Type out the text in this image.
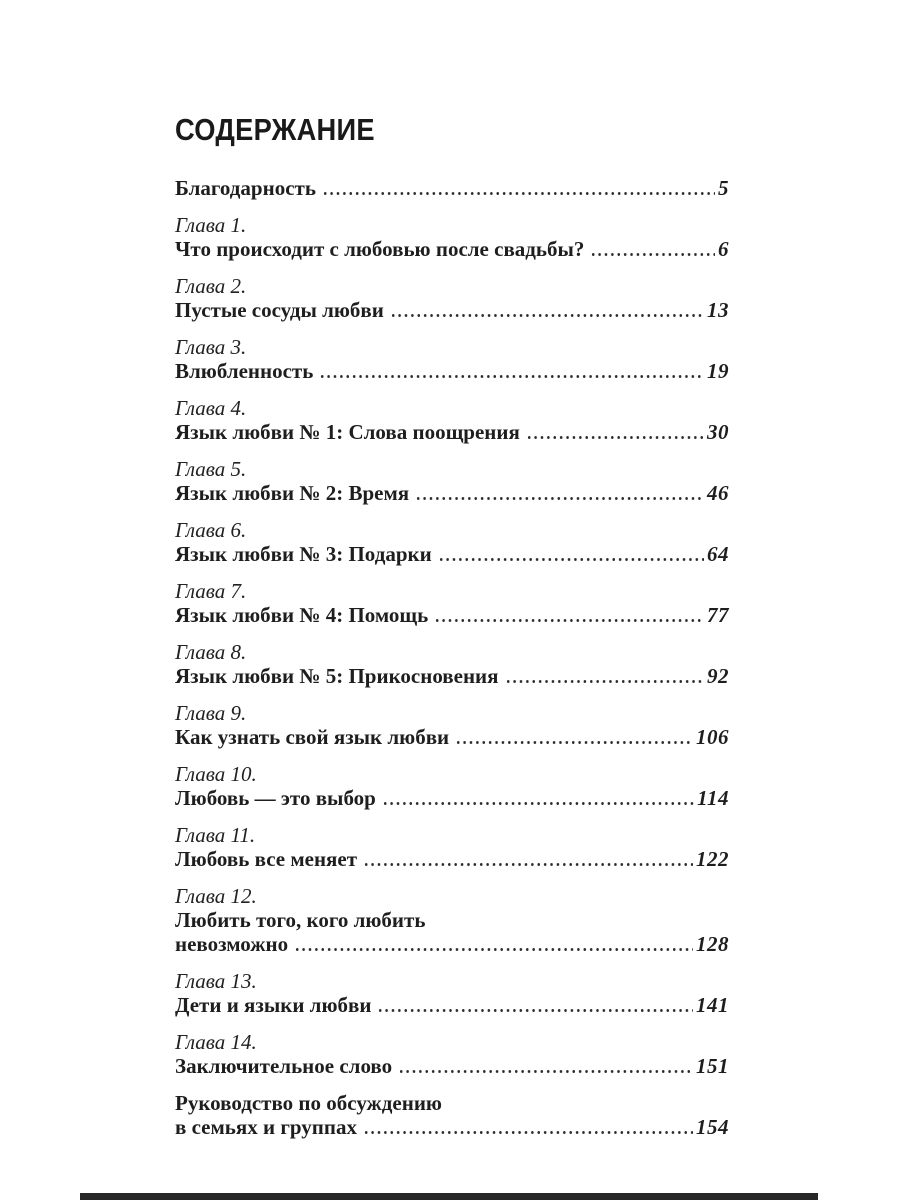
СОДЕРЖАНИЕ
Благодарность	5
Глава 1.
Что происходит с любовью после свадьбы?	6
Глава 2.
Пустые сосуды любви	13
Глава 3.
Влюбленность	19
Глава 4.
Язык любви № 1: Слова поощрения	30
Глава 5.
Язык любви № 2: Время	46
Глава 6.
Язык любви № 3: Подарки	64
Глава 7.
Язык любви № 4: Помощь	77
Глава 8.
Язык любви № 5: Прикосновения	92
Глава 9.
Как узнать свой язык любви	106
Глава 10.
Любовь — это выбор	114
Глава 11.
Любовь все меняет	122
Глава 12.
Любить того, кого любить
невозможно	128
Глава 13.
Дети и языки любви	141
Глава 14.
Заключительное слово	151
Руководство по обсуждению
в семьях и группах	154
